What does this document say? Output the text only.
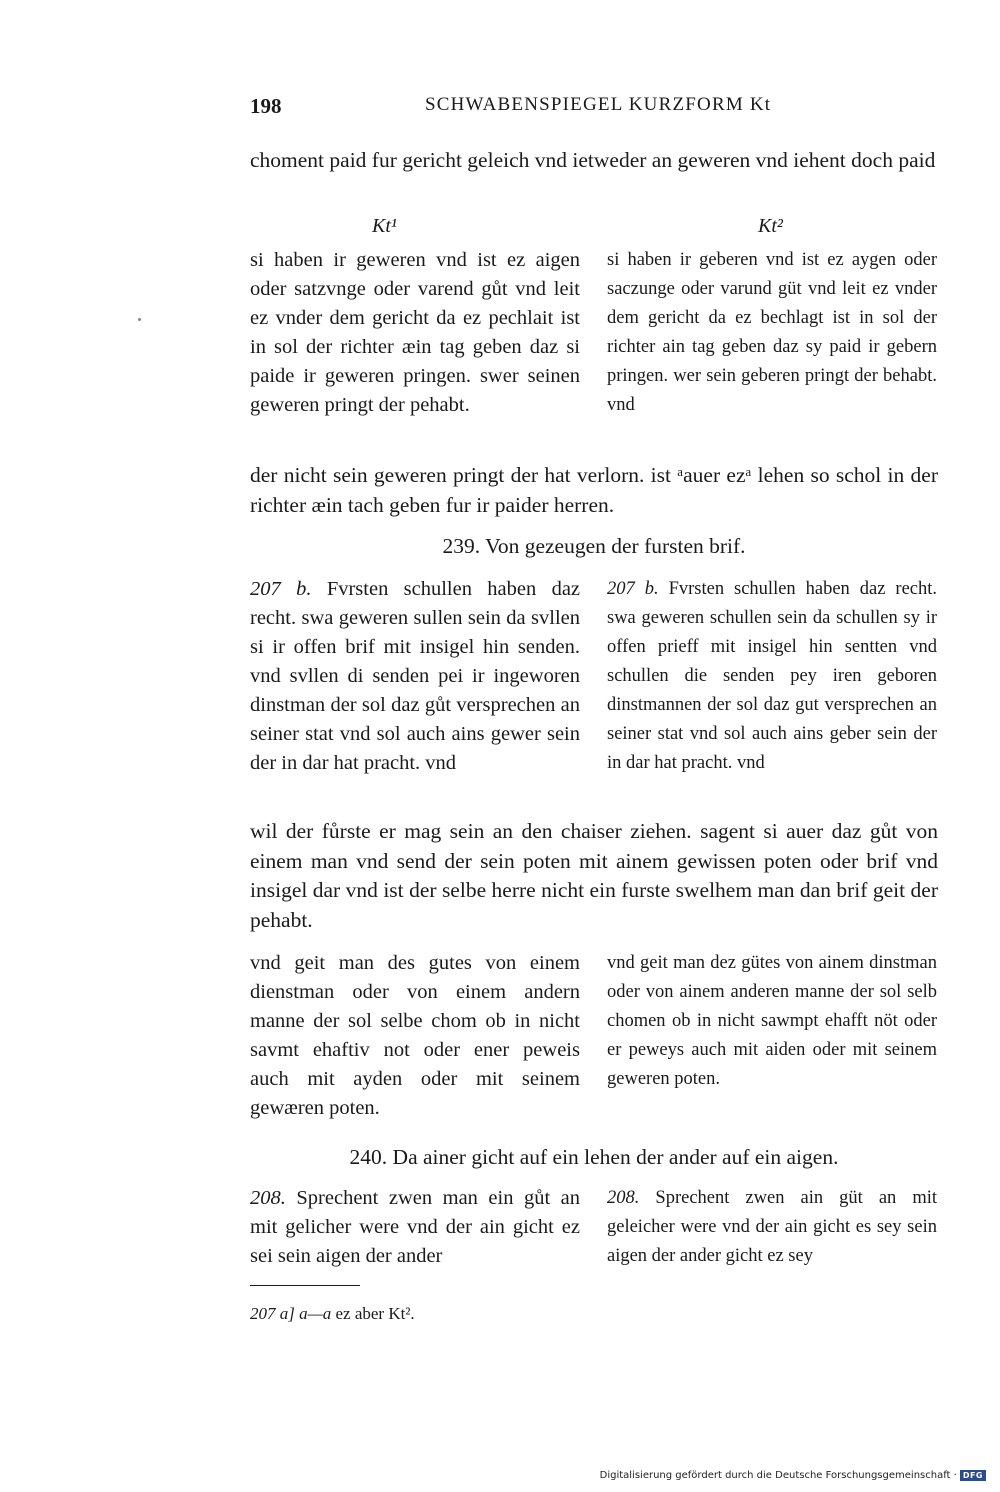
198	SCHWABENSPIEGEL KURZFORM Kt
choment paid fur gericht geleich vnd ietweder an geweren vnd iehent doch paid
Kt¹	Kt²
si haben ir geweren vnd ist ez aigen oder satzvnge oder varend gůt vnd leit ez vnder dem gericht da ez pechlait ist in sol der richter æin tag geben daz si paide ir geweren pringen. swer seinen geweren pringt der pehabt.
si haben ir geberen vnd ist ez aygen oder saczunge oder varund güt vnd leit ez vnder dem gericht da ez bechlagt ist in sol der richter ain tag geben daz sy paid ir gebern pringen. wer sein geberen pringt der behabt. vnd
der nicht sein geweren pringt der hat verlorn. ist ᵃauer ezᵃ lehen so schol in der richter æin tach geben fur ir paider herren.
239. Von gezeugen der fursten brif.
207 b. Fvrsten schullen haben daz recht. swa geweren sullen sein da svllen si ir offen brif mit insigel hin senden. vnd svllen di senden pei ir ingeworen dinstman der sol daz gůt versprechen an seiner stat vnd sol auch ains gewer sein der in dar hat pracht. vnd
207 b. Fvrsten schullen haben daz recht. swa geweren schullen sein da schullen sy ir offen prieff mit insigel hin sentten vnd schullen die senden pey iren geboren dinstmannen der sol daz gut versprechen an seiner stat vnd sol auch ains geber sein der in dar hat pracht. vnd
wil der fůrste er mag sein an den chaiser ziehen. sagent si auer daz gůt von einem man vnd send der sein poten mit ainem gewissen poten oder brif vnd insigel dar vnd ist der selbe herre nicht ein furste swelhem man dan brif geit der pehabt.
vnd geit man des gutes von einem dienstman oder von einem andern manne der sol selbe chom ob in nicht savmt ehaftiv not oder ener peweis auch mit ayden oder mit seinem gewæren poten.
vnd geit man dez gütes von ainem dinstman oder von ainem anderen manne der sol selb chomen ob in nicht sawmpt ehafft nöt oder er peweys auch mit aiden oder mit seinem geweren poten.
240. Da ainer gicht auf ein lehen der ander auf ein aigen.
208. Sprechent zwen man ein gůt an mit gelicher were vnd der ain gicht ez sei sein aigen der ander
208. Sprechent zwen ain güt an mit geleicher were vnd der ain gicht es sey sein aigen der ander gicht ez sey
207 a] a—a ez aber Kt².
Digitalisierung gefördert durch die Deutsche Forschungsgemeinschaft · DFG
